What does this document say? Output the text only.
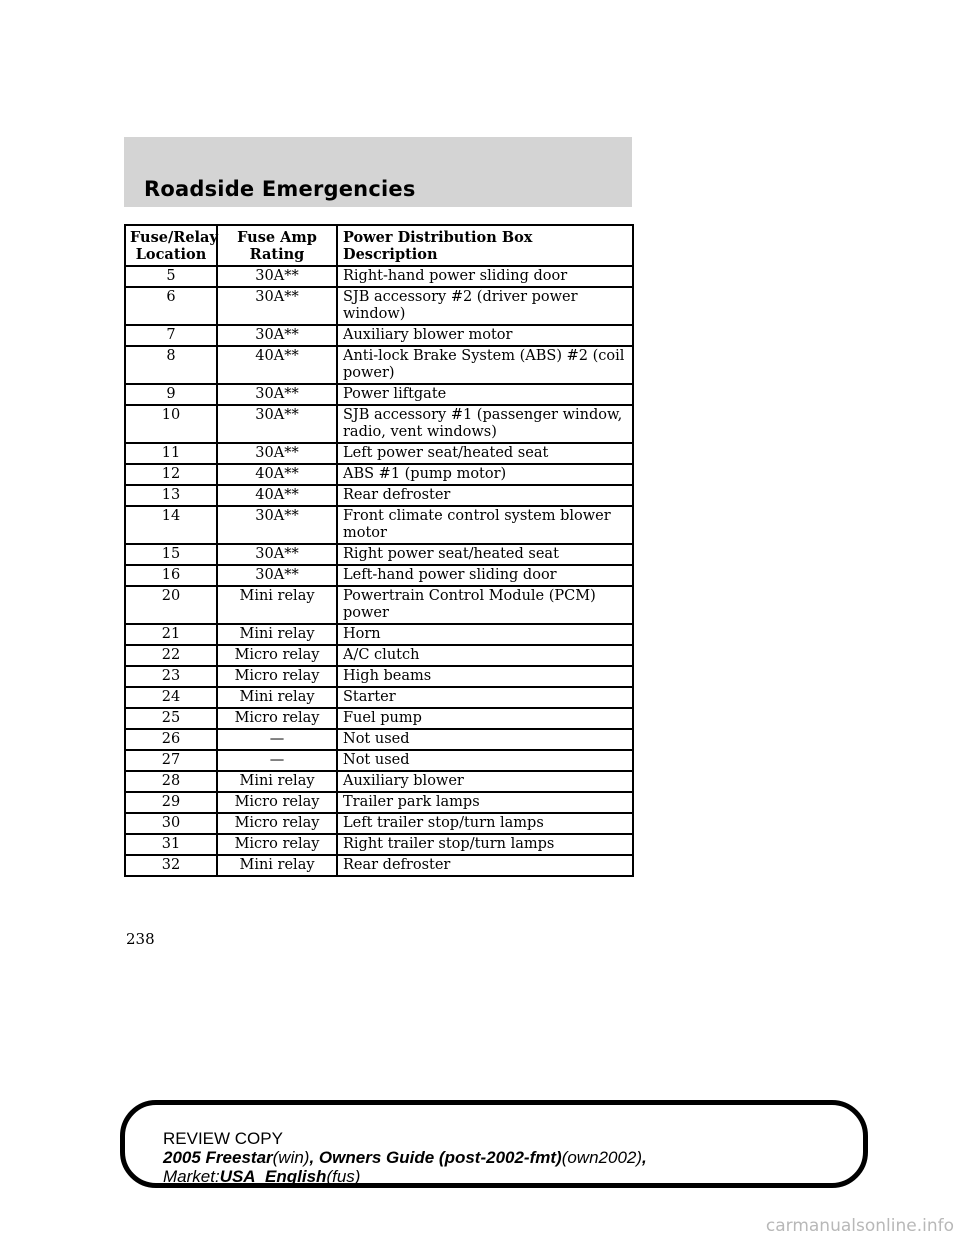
Roadside Emergencies
Fuse/Relay Location	Fuse Amp Rating	Power Distribution Box Description
5	30A**	Right-hand power sliding door
6	30A**	SJB accessory #2 (driver power window)
7	30A**	Auxiliary blower motor
8	40A**	Anti-lock Brake System (ABS) #2 (coil power)
9	30A**	Power liftgate
10	30A**	SJB accessory #1 (passenger window, radio, vent windows)
11	30A**	Left power seat/heated seat
12	40A**	ABS #1 (pump motor)
13	40A**	Rear defroster
14	30A**	Front climate control system blower motor
15	30A**	Right power seat/heated seat
16	30A**	Left-hand power sliding door
20	Mini relay	Powertrain Control Module (PCM) power
21	Mini relay	Horn
22	Micro relay	A/C clutch
23	Micro relay	High beams
24	Mini relay	Starter
25	Micro relay	Fuel pump
26	—	Not used
27	—	Not used
28	Mini relay	Auxiliary blower
29	Micro relay	Trailer park lamps
30	Micro relay	Left trailer stop/turn lamps
31	Micro relay	Right trailer stop/turn lamps
32	Mini relay	Rear defroster
238
REVIEW COPY
2005 Freestar(win), Owners Guide (post-2002-fmt)(own2002),
Market:USA_English(fus)
carmanualsonline.info
